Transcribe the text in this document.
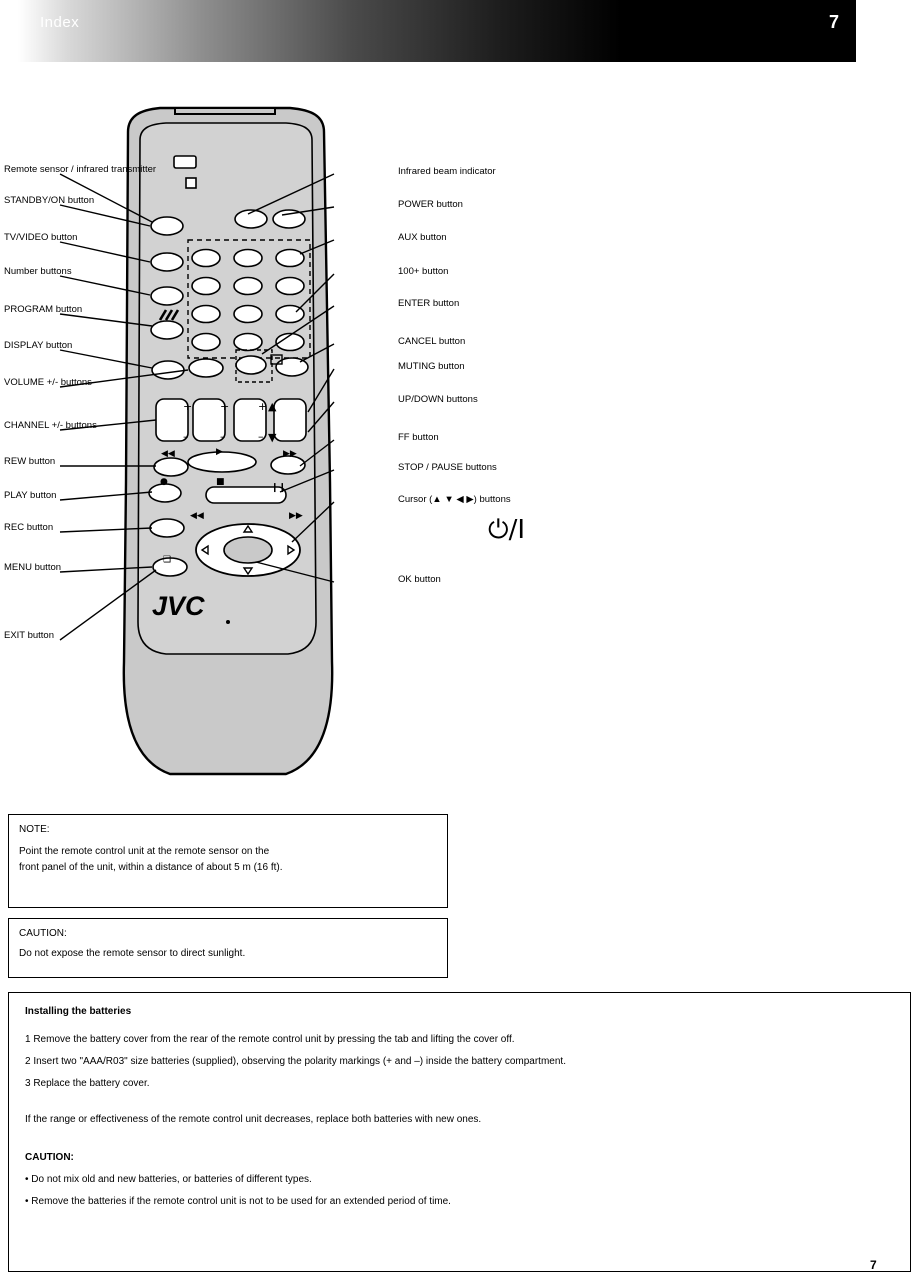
Index	7
+	+	+
–	–	–
▲
▼
◀◀	▶	▶▶
●	■
❙❙
◀◀	▶▶
❑
JVC
Remote sensor / infrared transmitter
STANDBY/ON button
TV/VIDEO button
Number buttons
PROGRAM button
DISPLAY button
VOLUME +/- buttons
CHANNEL +/- buttons
REW button
PLAY button
REC button
MENU button
EXIT button
Infrared beam indicator
POWER button
AUX button
100+ button
ENTER button
CANCEL button
MUTING button
UP/DOWN buttons
FF button
STOP / PAUSE buttons
Cursor (▲ ▼ ◀ ▶) buttons
OK button
⏻/I
NOTE:
Point the remote control unit at the remote sensor on the
front panel of the unit, within a distance of about 5 m (16 ft).
CAUTION:
Do not expose the remote sensor to direct sunlight.
Installing the batteries
1 Remove the battery cover from the rear of the remote control unit by pressing the tab and lifting the cover off.
2 Insert two "AAA/R03" size batteries (supplied), observing the polarity markings (+ and –) inside the battery compartment.
3 Replace the battery cover.
If the range or effectiveness of the remote control unit decreases, replace both batteries with new ones.
CAUTION:
• Do not mix old and new batteries, or batteries of different types.
• Remove the batteries if the remote control unit is not to be used for an extended period of time.
7
